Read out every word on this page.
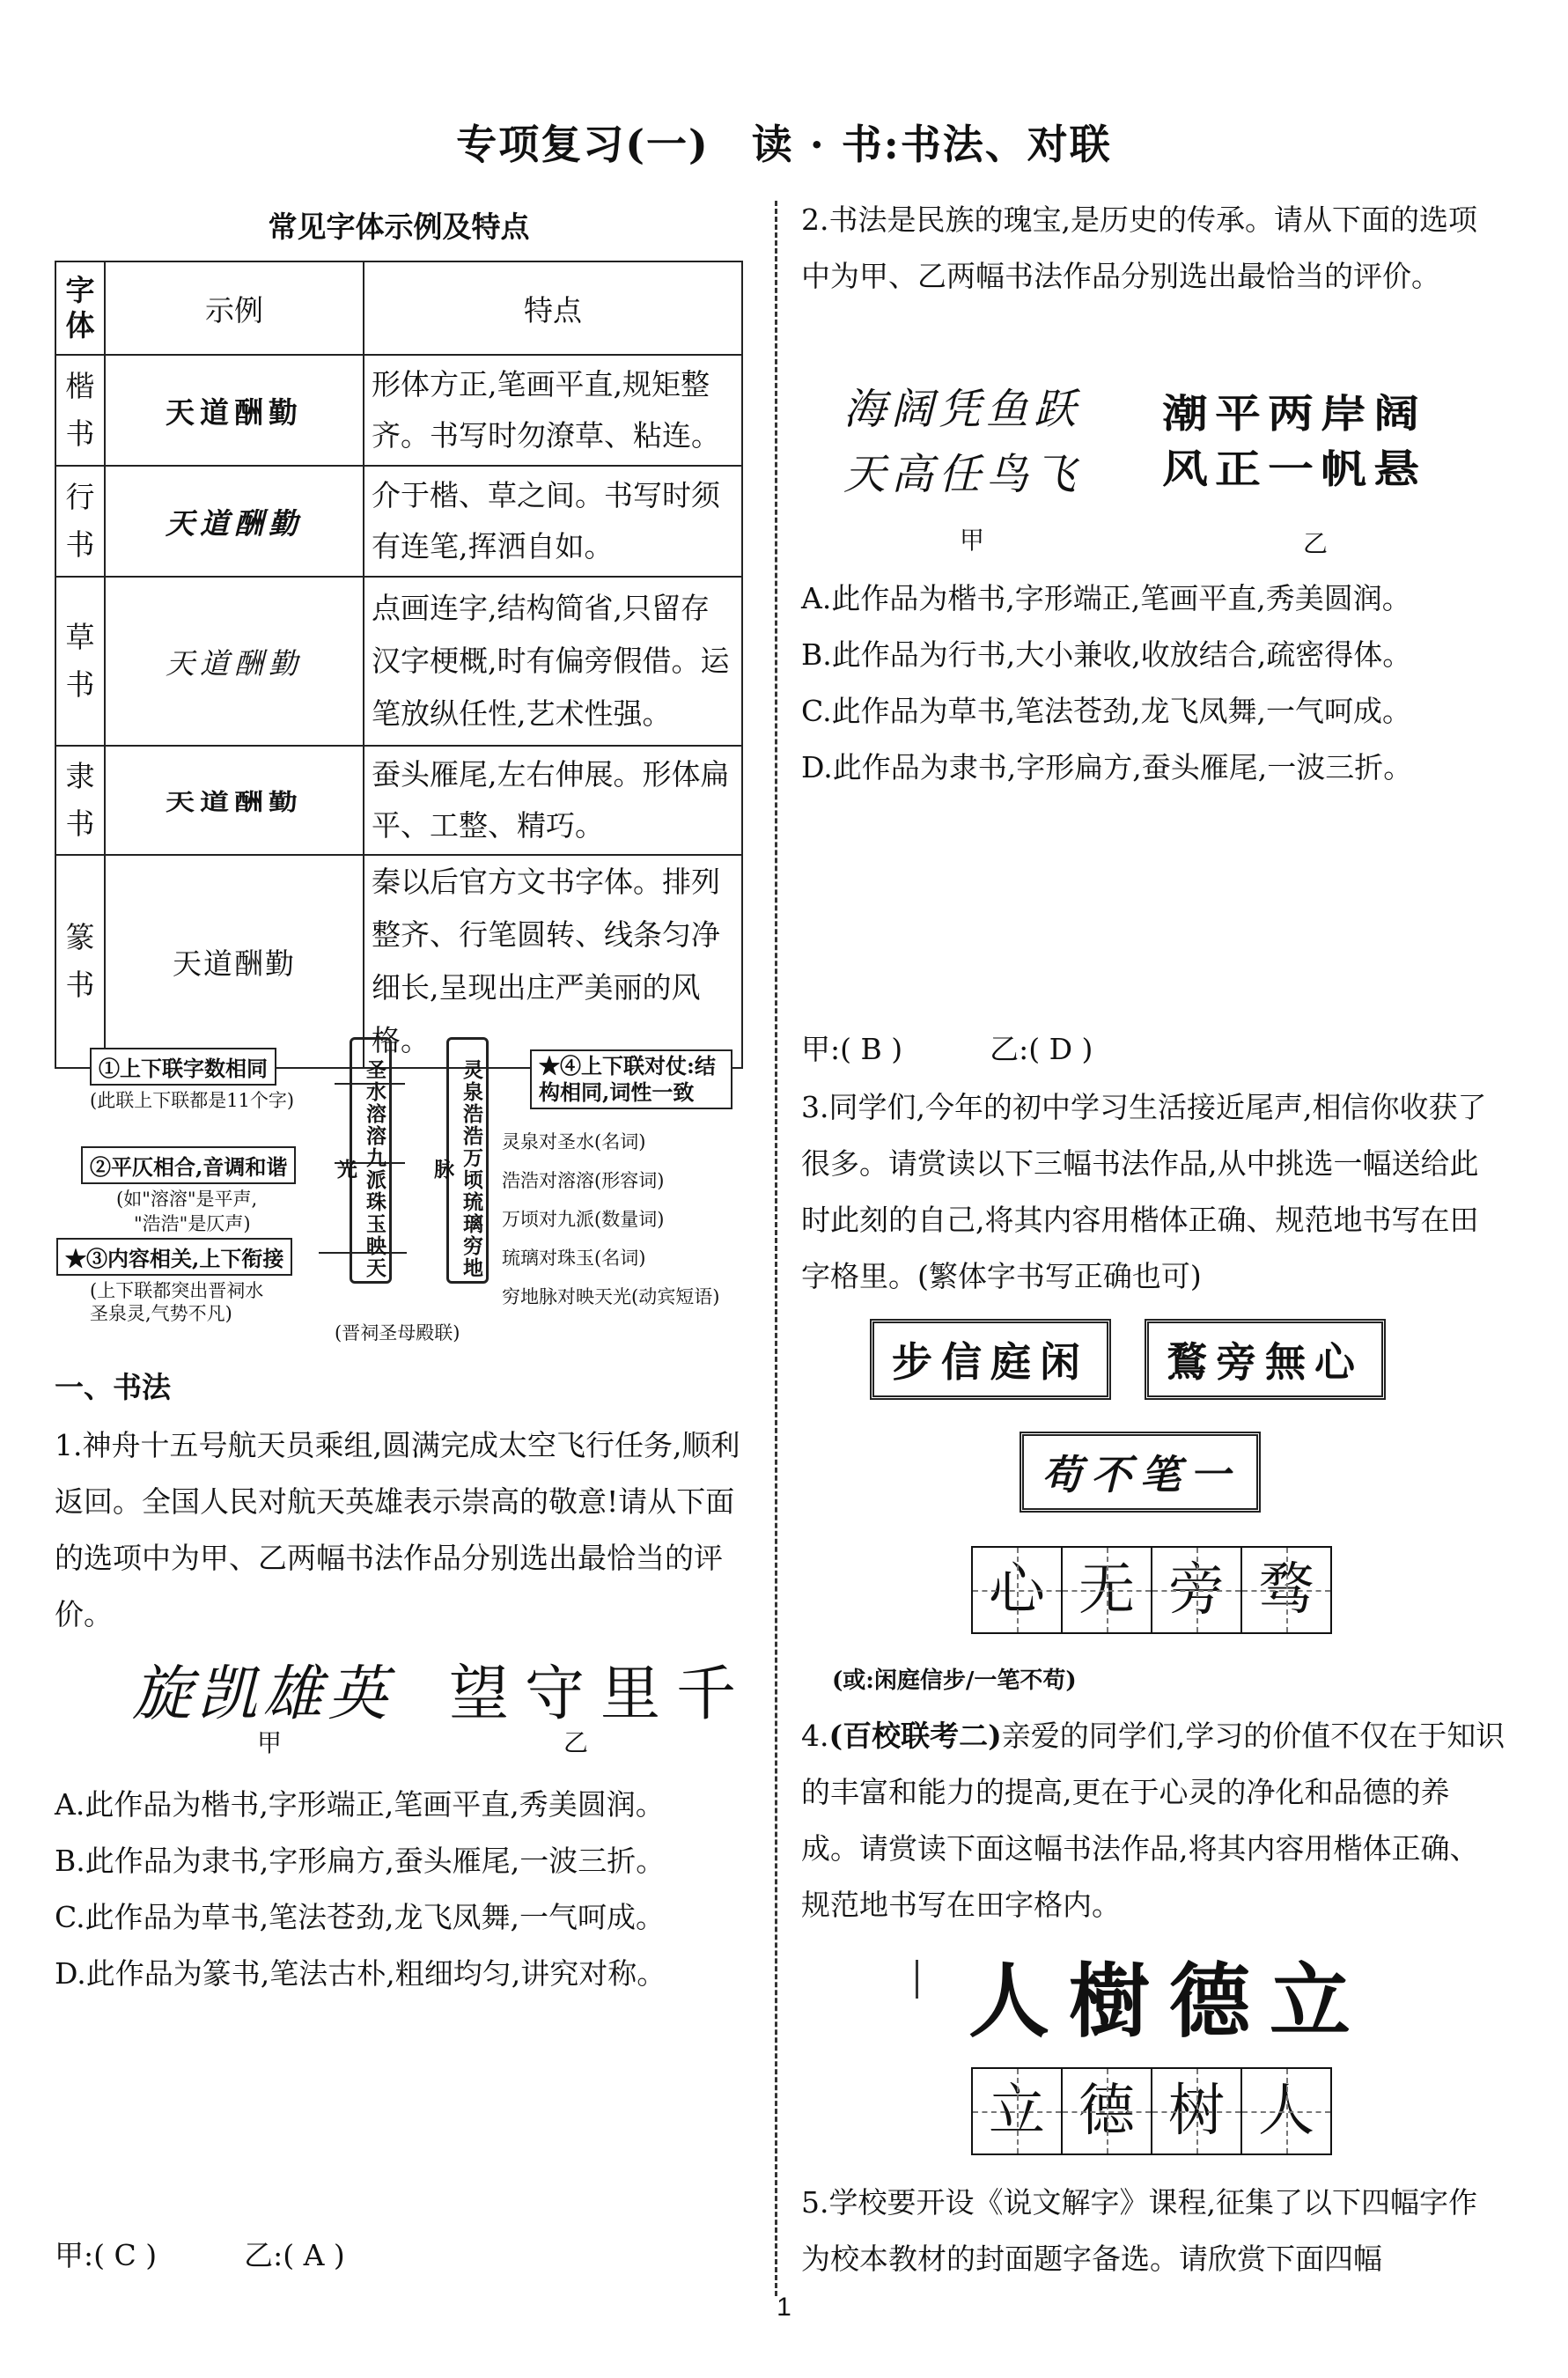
专项复习(一)　读 · 书:书法、对联
常见字体示例及特点
字体	示例	特点
楷书	天道酬勤	形体方正,笔画平直,规矩整齐。书写时勿潦草、粘连。
行书	天道酬勤	介于楷、草之间。书写时须有连笔,挥洒自如。
草书	天道酬勤	点画连字,结构简省,只留存汉字梗概,时有偏旁假借。运笔放纵任性,艺术性强。
隶书	天道酬勤	蚕头雁尾,左右伸展。形体扁平、工整、精巧。
篆书	天道酬勤	秦以后官方文书字体。排列整齐、行笔圆转、线条匀净细长,呈现出庄严美丽的风格。
①上下联字数相同
(此联上下联都是11个字)
②平仄相合,音调和谐
(如"溶溶"是平声,
"浩浩"是仄声)
★③内容相关,上下衔接
(上下联都突出晋祠水
圣泉灵,气势不凡)
圣水溶溶九派珠玉映天光	灵泉浩浩万顷琉璃穷地脉
★④上下联对仗:结构相同,词性一致
灵泉对圣水(名词)
浩浩对溶溶(形容词)
万顷对九派(数量词)
琉璃对珠玉(名词)
穷地脉对映天光(动宾短语)
(晋祠圣母殿联)
一、书法
1.神舟十五号航天员乘组,圆满完成太空飞行任务,顺利返回。全国人民对航天英雄表示崇高的敬意!请从下面的选项中为甲、乙两幅书法作品分别选出最恰当的评价。
旋凯雄英 望守里千
甲	乙
A.此作品为楷书,字形端正,笔画平直,秀美圆润。
B.此作品为隶书,字形扁方,蚕头雁尾,一波三折。
C.此作品为草书,笔法苍劲,龙飞凤舞,一气呵成。
D.此作品为篆书,笔法古朴,粗细均匀,讲究对称。
甲:( C )　　　乙:( A )
2.书法是民族的瑰宝,是历史的传承。请从下面的选项中为甲、乙两幅书法作品分别选出最恰当的评价。
海阔凭鱼跃
天高任鸟飞
潮平两岸阔
风正一帆悬
甲	乙
A.此作品为楷书,字形端正,笔画平直,秀美圆润。
B.此作品为行书,大小兼收,收放结合,疏密得体。
C.此作品为草书,笔法苍劲,龙飞凤舞,一气呵成。
D.此作品为隶书,字形扁方,蚕头雁尾,一波三折。
甲:( B )　　　乙:( D )
3.同学们,今年的初中学习生活接近尾声,相信你收获了很多。请赏读以下三幅书法作品,从中挑选一幅送给此时此刻的自己,将其内容用楷体正确、规范地书写在田字格里。(繁体字书写正确也可)
步信庭闲	鶩旁無心
苟不笔一
心 无 旁 骛
(或:闲庭信步/一笔不苟)
4.(百校联考二)亲爱的同学们,学习的价值不仅在于知识的丰富和能力的提高,更在于心灵的净化和品德的养成。请赏读下面这幅书法作品,将其内容用楷体正确、规范地书写在田字格内。
人樹德立
立 德 树 人
5.学校要开设《说文解字》课程,征集了以下四幅字作为校本教材的封面题字备选。请欣赏下面四幅
1
